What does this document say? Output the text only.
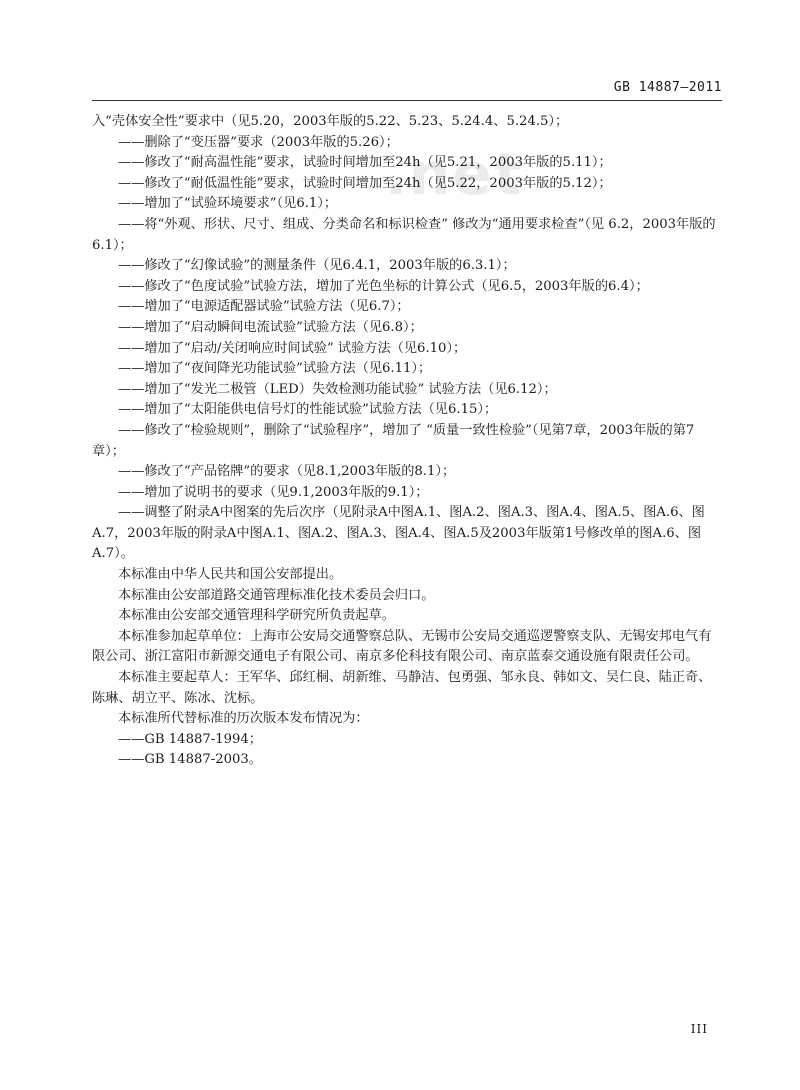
.net
GB 14887—2011

入“壳体安全性”要求中（见5.20，2003年版的5.22、5.23、5.24.4、5.24.5）；

——删除了“变压器”要求（2003年版的5.26）；

——修改了“耐高温性能”要求，试验时间增加至24h（见5.21，2003年版的5.11）；

——修改了“耐低温性能”要求，试验时间增加至24h（见5.22，2003年版的5.12）；

——增加了“试验环境要求”（见6.1）；

——将“外观、形状、尺寸、组成、分类命名和标识检查” 修改为“通用要求检查”（见 6.2，2003年版的6.1）；

——修改了“幻像试验”的测量条件（见6.4.1，2003年版的6.3.1）；

——修改了“色度试验”试验方法，增加了光色坐标的计算公式（见6.5，2003年版的6.4）；

——增加了“电源适配器试验”试验方法（见6.7）；

——增加了“启动瞬间电流试验”试验方法（见6.8）；

——增加了“启动/关闭响应时间试验” 试验方法（见6.10）；

——增加了“夜间降光功能试验”试验方法（见6.11）；

——增加了“发光二极管（LED）失效检测功能试验” 试验方法（见6.12）；

——增加了“太阳能供电信号灯的性能试验”试验方法（见6.15）；

——修改了“检验规则”，删除了“试验程序”，增加了 “质量一致性检验”（见第7章，2003年版的第7章）；

——修改了“产品铭牌”的要求（见8.1,2003年版的8.1）；

——增加了说明书的要求（见9.1,2003年版的9.1）；

——调整了附录A中图案的先后次序（见附录A中图A.1、图A.2、图A.3、图A.4、图A.5、图A.6、图A.7，2003年版的附录A中图A.1、图A.2、图A.3、图A.4、图A.5及2003年版第1号修改单的图A.6、图A.7）。

本标准由中华人民共和国公安部提出。

本标准由公安部道路交通管理标准化技术委员会归口。

本标准由公安部交通管理科学研究所负责起草。

本标准参加起草单位：上海市公安局交通警察总队、无锡市公安局交通巡逻警察支队、无锡安邦电气有限公司、浙江富阳市新源交通电子有限公司、南京多伦科技有限公司、南京蓝泰交通设施有限责任公司。

本标准主要起草人：王军华、邱红桐、胡新维、马静洁、包勇强、邹永良、韩如文、吴仁良、陆正奇、陈琳、胡立平、陈冰、沈标。

本标准所代替标准的历次版本发布情况为：

——GB 14887-1994；

——GB 14887-2003。

III
